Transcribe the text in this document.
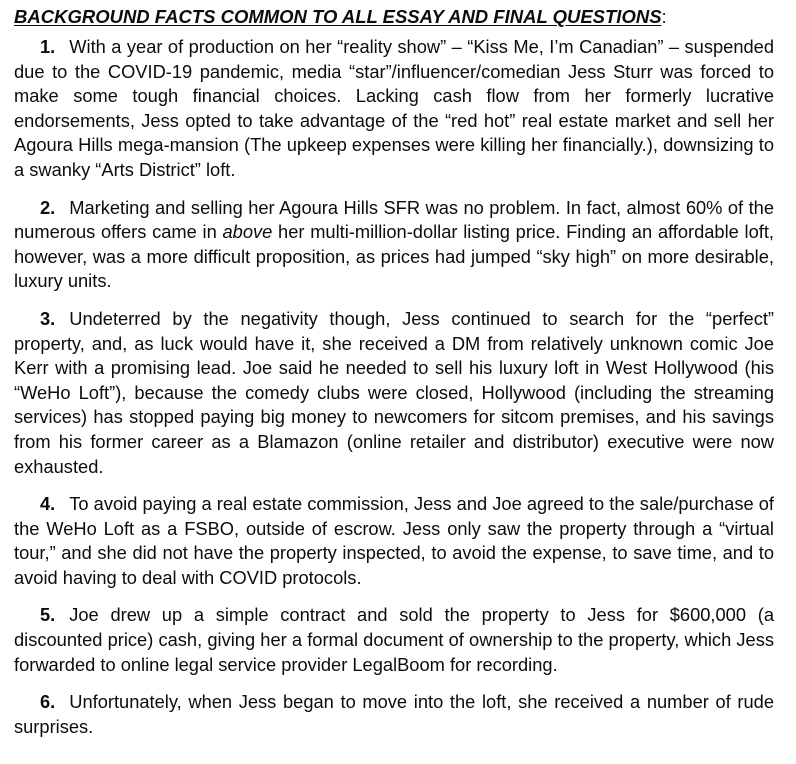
BACKGROUND FACTS COMMON TO ALL ESSAY AND FINAL QUESTIONS:

1. With a year of production on her “reality show” – “Kiss Me, I’m Canadian” – suspended due to the COVID-19 pandemic, media “star”/influencer/comedian Jess Sturr was forced to make some tough financial choices. Lacking cash flow from her formerly lucrative endorsements, Jess opted to take advantage of the “red hot” real estate market and sell her Agoura Hills mega-mansion (The upkeep expenses were killing her financially.), downsizing to a swanky “Arts District” loft.

2. Marketing and selling her Agoura Hills SFR was no problem. In fact, almost 60% of the numerous offers came in above her multi-million-dollar listing price. Finding an affordable loft, however, was a more difficult proposition, as prices had jumped “sky high” on more desirable, luxury units.

3. Undeterred by the negativity though, Jess continued to search for the “perfect” property, and, as luck would have it, she received a DM from relatively unknown comic Joe Kerr with a promising lead. Joe said he needed to sell his luxury loft in West Hollywood (his “WeHo Loft”), because the comedy clubs were closed, Hollywood (including the streaming services) has stopped paying big money to newcomers for sitcom premises, and his savings from his former career as a Blamazon (online retailer and distributor) executive were now exhausted.

4. To avoid paying a real estate commission, Jess and Joe agreed to the sale/purchase of the WeHo Loft as a FSBO, outside of escrow. Jess only saw the property through a “virtual tour,” and she did not have the property inspected, to avoid the expense, to save time, and to avoid having to deal with COVID protocols.

5. Joe drew up a simple contract and sold the property to Jess for $600,000 (a discounted price) cash, giving her a formal document of ownership to the property, which Jess forwarded to online legal service provider LegalBoom for recording.

6. Unfortunately, when Jess began to move into the loft, she received a number of rude surprises.
